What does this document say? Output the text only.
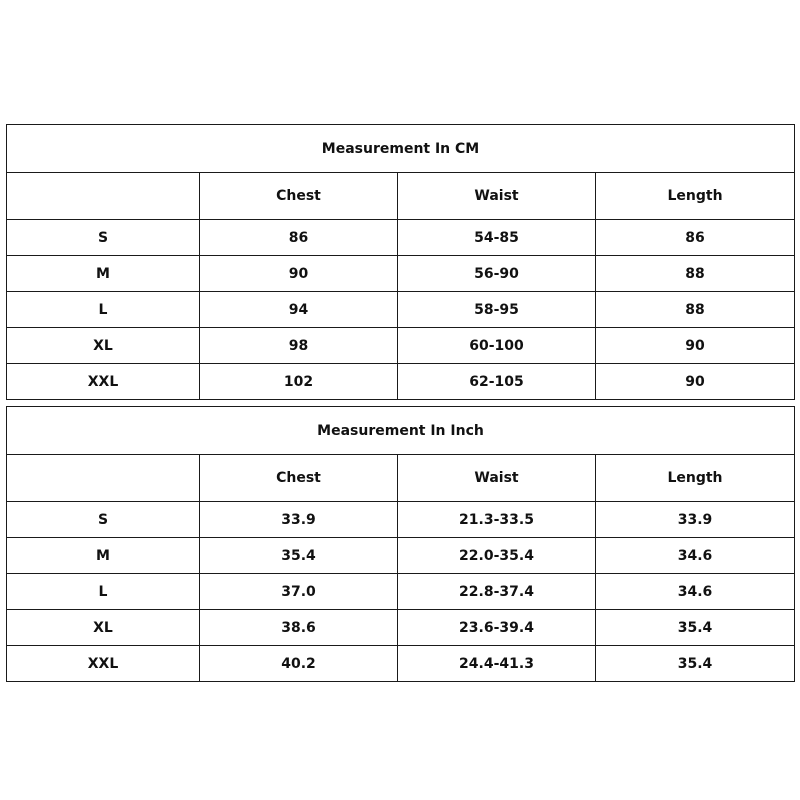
Measurement In CM			
	Chest	Waist	Length
S	86	54-85	86
M	90	56-90	88
L	94	58-95	88
XL	98	60-100	90
XXL	102	62-105	90
Measurement In Inch			
	Chest	Waist	Length
S	33.9	21.3-33.5	33.9
M	35.4	22.0-35.4	34.6
L	37.0	22.8-37.4	34.6
XL	38.6	23.6-39.4	35.4
XXL	40.2	24.4-41.3	35.4
